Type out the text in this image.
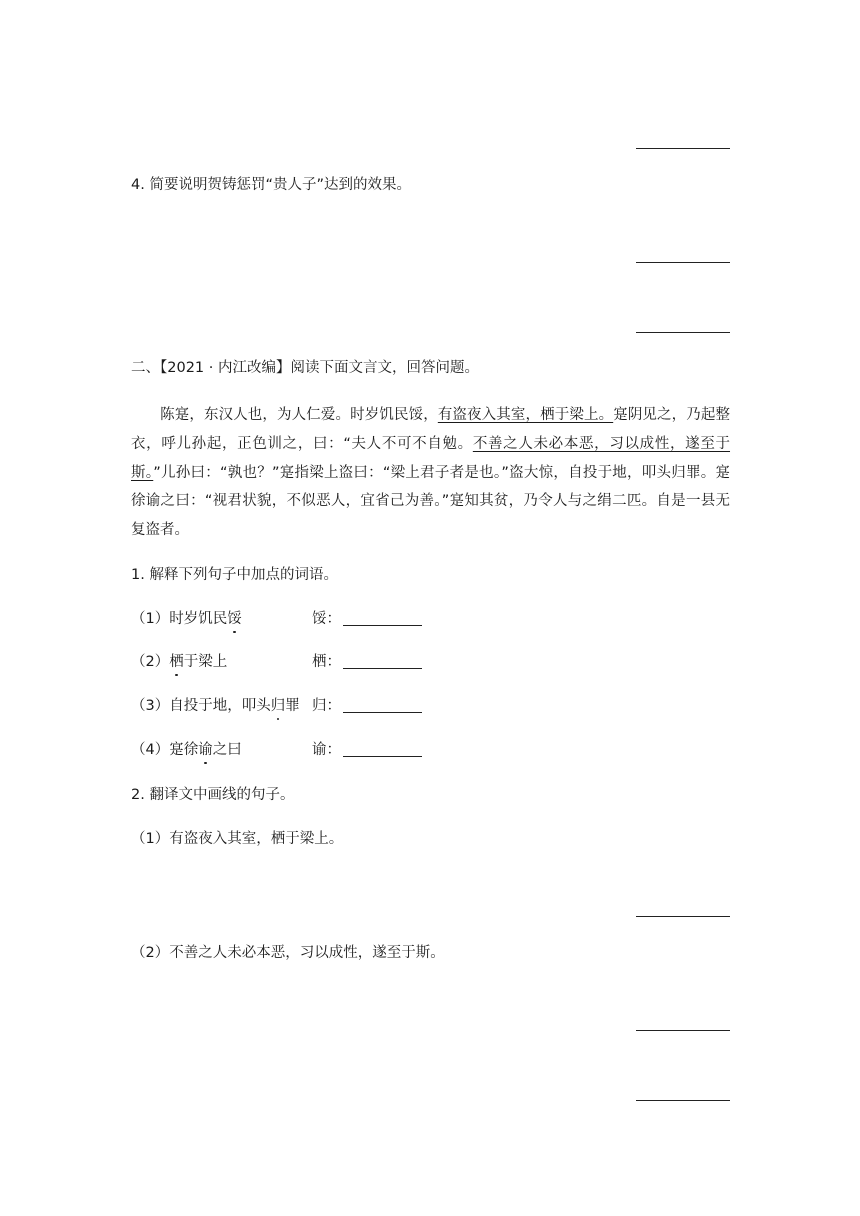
4. 简要说明贺铸惩罚“贵人子”达到的效果。
二、【2021 · 内江改编】阅读下面文言文，回答问题。
陈寔，东汉人也，为人仁爱。时岁饥民馁，有盗夜入其室，栖于梁上。寔阴见之，乃起整衣，呼儿孙起，正色训之，曰：“夫人不可不自勉。不善之人未必本恶，习以成性，遂至于斯。”儿孙曰：“孰也？”寔指梁上盗曰：“梁上君子者是也。”盗大惊，自投于地，叩头归罪。寔徐谕之曰：“视君状貌，不似恶人，宜省己为善。”寔知其贫，乃令人与之绢二匹。自是一县无复盗者。
1. 解释下列句子中加点的词语。
（1）时岁饥民馁	馁：
（2）栖于梁上	栖：
（3）自投于地，叩头归罪 归：
（4）寔徐谕之曰	谕：
2. 翻译文中画线的句子。
（1）有盗夜入其室，栖于梁上。
（2）不善之人未必本恶，习以成性，遂至于斯。
